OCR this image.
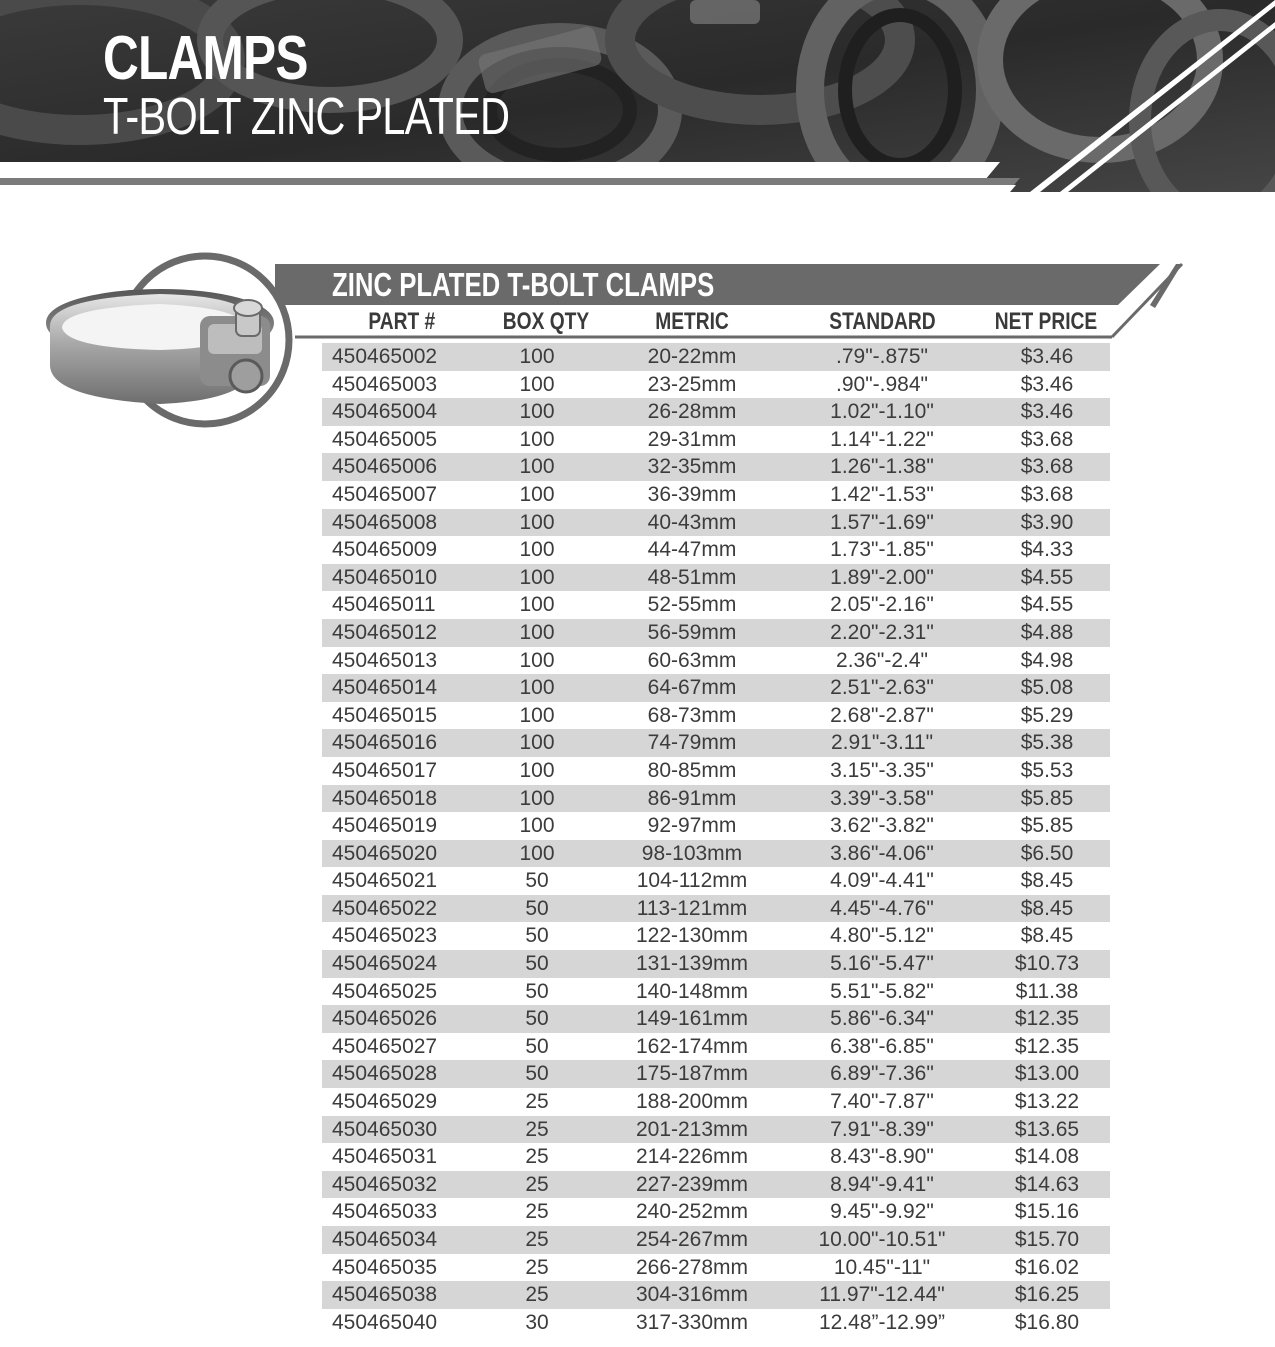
CLAMPS
T-BOLT ZINC PLATED
ZINC PLATED T-BOLT CLAMPS
PART #	BOX QTY	METRIC	STANDARD	NET PRICE
450465002	100	20-22mm	.79"-.875"	$3.46
450465003	100	23-25mm	.90"-.984"	$3.46
450465004	100	26-28mm	1.02"-1.10"	$3.46
450465005	100	29-31mm	1.14"-1.22"	$3.68
450465006	100	32-35mm	1.26"-1.38"	$3.68
450465007	100	36-39mm	1.42"-1.53"	$3.68
450465008	100	40-43mm	1.57"-1.69"	$3.90
450465009	100	44-47mm	1.73"-1.85"	$4.33
450465010	100	48-51mm	1.89"-2.00"	$4.55
450465011	100	52-55mm	2.05"-2.16"	$4.55
450465012	100	56-59mm	2.20"-2.31"	$4.88
450465013	100	60-63mm	2.36"-2.4"	$4.98
450465014	100	64-67mm	2.51"-2.63"	$5.08
450465015	100	68-73mm	2.68"-2.87"	$5.29
450465016	100	74-79mm	2.91"-3.11"	$5.38
450465017	100	80-85mm	3.15"-3.35"	$5.53
450465018	100	86-91mm	3.39"-3.58"	$5.85
450465019	100	92-97mm	3.62"-3.82"	$5.85
450465020	100	98-103mm	3.86"-4.06"	$6.50
450465021	50	104-112mm	4.09"-4.41"	$8.45
450465022	50	113-121mm	4.45"-4.76"	$8.45
450465023	50	122-130mm	4.80"-5.12"	$8.45
450465024	50	131-139mm	5.16"-5.47"	$10.73
450465025	50	140-148mm	5.51"-5.82"	$11.38
450465026	50	149-161mm	5.86"-6.34"	$12.35
450465027	50	162-174mm	6.38"-6.85"	$12.35
450465028	50	175-187mm	6.89"-7.36"	$13.00
450465029	25	188-200mm	7.40"-7.87"	$13.22
450465030	25	201-213mm	7.91"-8.39"	$13.65
450465031	25	214-226mm	8.43"-8.90"	$14.08
450465032	25	227-239mm	8.94"-9.41"	$14.63
450465033	25	240-252mm	9.45"-9.92"	$15.16
450465034	25	254-267mm	10.00"-10.51"	$15.70
450465035	25	266-278mm	10.45"-11"	$16.02
450465038	25	304-316mm	11.97"-12.44"	$16.25
450465040	30	317-330mm	12.48”-12.99”	$16.80
